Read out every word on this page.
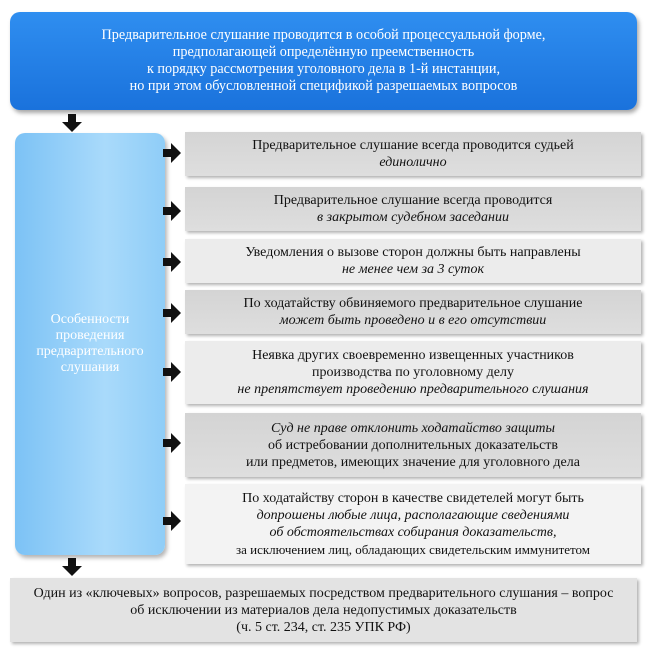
Предварительное слушание проводится в особой процессуальной форме,
предполагающей определённую преемственность
к порядку рассмотрения уголовного дела в 1-й инстанции,
но при этом обусловленной спецификой разрешаемых вопросов
Особенности
проведения
предварительного
слушания
Предварительное слушание всегда проводится судьей
единолично
Предварительное слушание всегда проводится
в закрытом судебном заседании
Уведомления о вызове сторон должны быть направлены
не менее чем за 3 суток
По ходатайству обвиняемого предварительное слушание
может быть проведено и в его отсутствии
Неявка других своевременно извещенных участников
производства по уголовному делу
не препятствует проведению предварительного слушания
Суд не праве отклонить ходатайство защиты
об истребовании дополнительных доказательств
или предметов, имеющих значение для уголовного дела
По ходатайству сторон в качестве свидетелей могут быть
допрошены любые лица, располагающие сведениями
об обстоятельствах собирания доказательств,
за исключением лиц, обладающих свидетельским иммунитетом
Один из «ключевых» вопросов, разрешаемых посредством предварительного слушания – вопрос
об исключении из материалов дела недопустимых доказательств
(ч. 5 ст. 234, ст. 235 УПК РФ)
